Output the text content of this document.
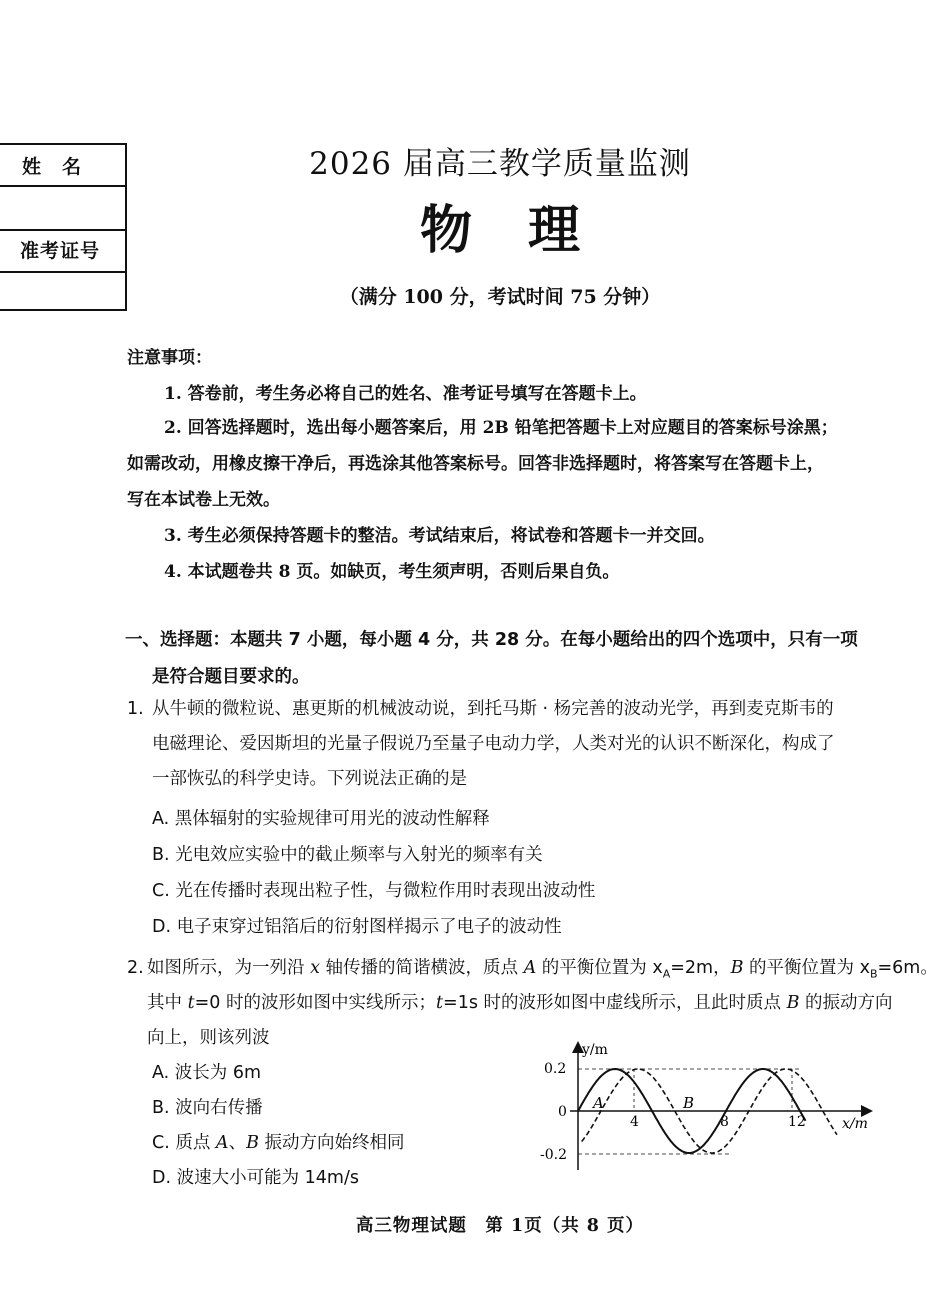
姓　名
准考证号
2026 届高三教学质量监测
物理
（满分 100 分，考试时间 75 分钟）
注意事项：
1. 答卷前，考生务必将自己的姓名、准考证号填写在答题卡上。
2. 回答选择题时，选出每小题答案后，用 2B 铅笔把答题卡上对应题目的答案标号涂黑；
如需改动，用橡皮擦干净后，再选涂其他答案标号。回答非选择题时，将答案写在答题卡上，
写在本试卷上无效。
3. 考生必须保持答题卡的整洁。考试结束后，将试卷和答题卡一并交回。
4. 本试题卷共 8 页。如缺页，考生须声明，否则后果自负。
一、选择题：本题共 7 小题，每小题 4 分，共 28 分。在每小题给出的四个选项中，只有一项
是符合题目要求的。
1. 从牛顿的微粒说、惠更斯的机械波动说，到托马斯 · 杨完善的波动光学，再到麦克斯韦的
电磁理论、爱因斯坦的光量子假说乃至量子电动力学，人类对光的认识不断深化，构成了
一部恢弘的科学史诗。下列说法正确的是
A. 黑体辐射的实验规律可用光的波动性解释
B. 光电效应实验中的截止频率与入射光的频率有关
C. 光在传播时表现出粒子性，与微粒作用时表现出波动性
D. 电子束穿过铝箔后的衍射图样揭示了电子的波动性
2. 如图所示，为一列沿 x 轴传播的简谐横波，质点 A 的平衡位置为 $x_A=2m$，B 的平衡位置为 $x_B=6m$。
其中 t=0 时的波形如图中实线所示；t=1s 时的波形如图中虚线所示，且此时质点 B 的振动方向
向上，则该列波
A. 波长为 6m
B. 波向右传播
C. 质点 A、B 振动方向始终相同
D. 波速大小可能为 14m/s
y/m
x/m
0.2
0
-0.2
4	8	12
A	B
高三物理试题　第 1页（共 8 页）
